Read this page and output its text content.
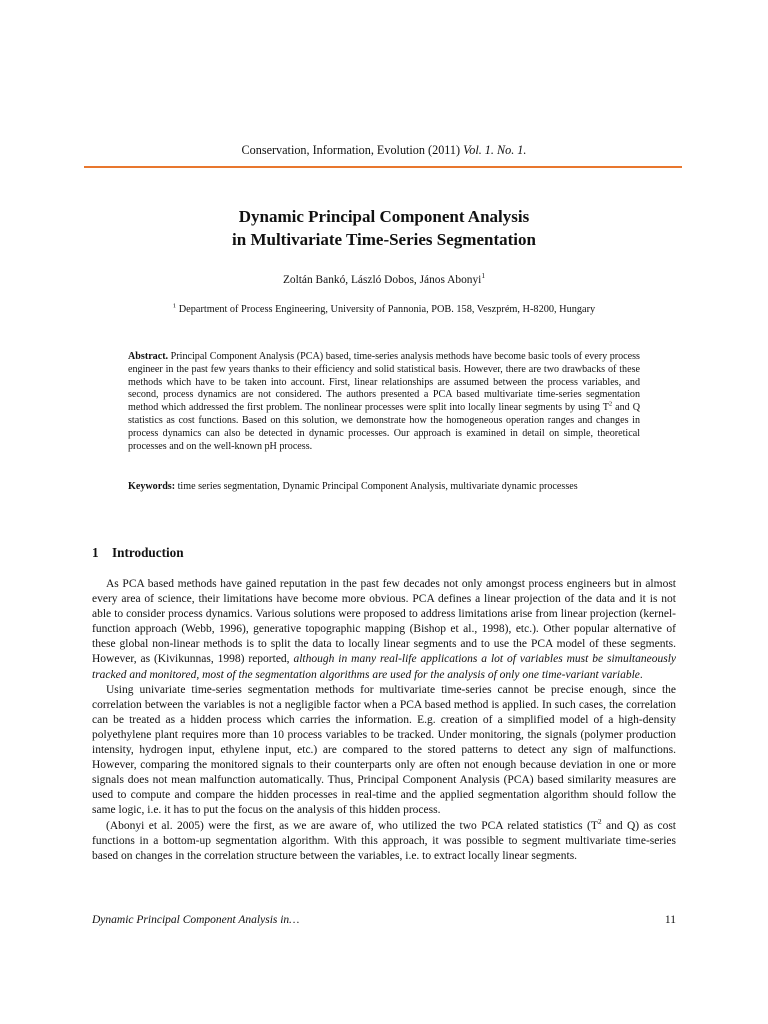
Conservation, Information, Evolution (2011) Vol. 1. No. 1.
Dynamic Principal Component Analysis
in Multivariate Time-Series Segmentation
Zoltán Bankó, László Dobos, János Abonyi$^1$
$^1$ Department of Process Engineering, University of Pannonia, POB. 158, Veszprém, H-8200, Hungary
Abstract. Principal Component Analysis (PCA) based, time-series analysis methods have become basic tools of every process engineer in the past few years thanks to their efficiency and solid statistical basis. However, there are two drawbacks of these methods which have to be taken into account. First, linear relationships are assumed between the process variables, and second, process dynamics are not considered. The authors presented a PCA based multivariate time-series segmentation method which addressed the first problem. The nonlinear processes were split into locally linear segments by using $T^2$ and Q statistics as cost functions. Based on this solution, we demonstrate how the homogeneous operation ranges and changes in process dynamics can also be detected in dynamic processes. Our approach is examined in detail on simple, theoretical processes and on the well-known pH process.
Keywords: time series segmentation, Dynamic Principal Component Analysis, multivariate dynamic processes
1 Introduction

As PCA based methods have gained reputation in the past few decades not only amongst process engineers but in almost every area of science, their limitations have become more obvious. PCA defines a linear projection of the data and it is not able to consider process dynamics. Various solutions were proposed to address limitations arise from linear projection (kernel-function approach (Webb, 1996), generative topographic mapping (Bishop et al., 1998), etc.). Other popular alternative of these global non-linear methods is to split the data to locally linear segments and to use the PCA model of these segments. However, as (Kivikunnas, 1998) reported, although in many real-life applications a lot of variables must be simultaneously tracked and monitored, most of the segmentation algorithms are used for the analysis of only one time-variant variable.

Using univariate time-series segmentation methods for multivariate time-series cannot be precise enough, since the correlation between the variables is not a negligible factor when a PCA based method is applied. In such cases, the correlation can be treated as a hidden process which carries the information. E.g. creation of a simplified model of a high-density polyethylene plant requires more than 10 process variables to be tracked. Under monitoring, the signals (polymer production intensity, hydrogen input, ethylene input, etc.) are compared to the stored patterns to detect any sign of malfunctions. However, comparing the monitored signals to their counterparts only are often not enough because deviation in one or more signals does not mean malfunction automatically. Thus, Principal Component Analysis (PCA) based similarity measures are used to compute and compare the hidden processes in real-time and the applied segmentation algorithm should follow the same logic, i.e. it has to put the focus on the analysis of this hidden process.

(Abonyi et al. 2005) were the first, as we are aware of, who utilized the two PCA related statistics ($T^2$ and Q) as cost functions in a bottom-up segmentation algorithm. With this approach, it was possible to segment multivariate time-series based on changes in the correlation structure between the variables, i.e. to extract locally linear segments.

Dynamic Principal Component Analysis in…	11
